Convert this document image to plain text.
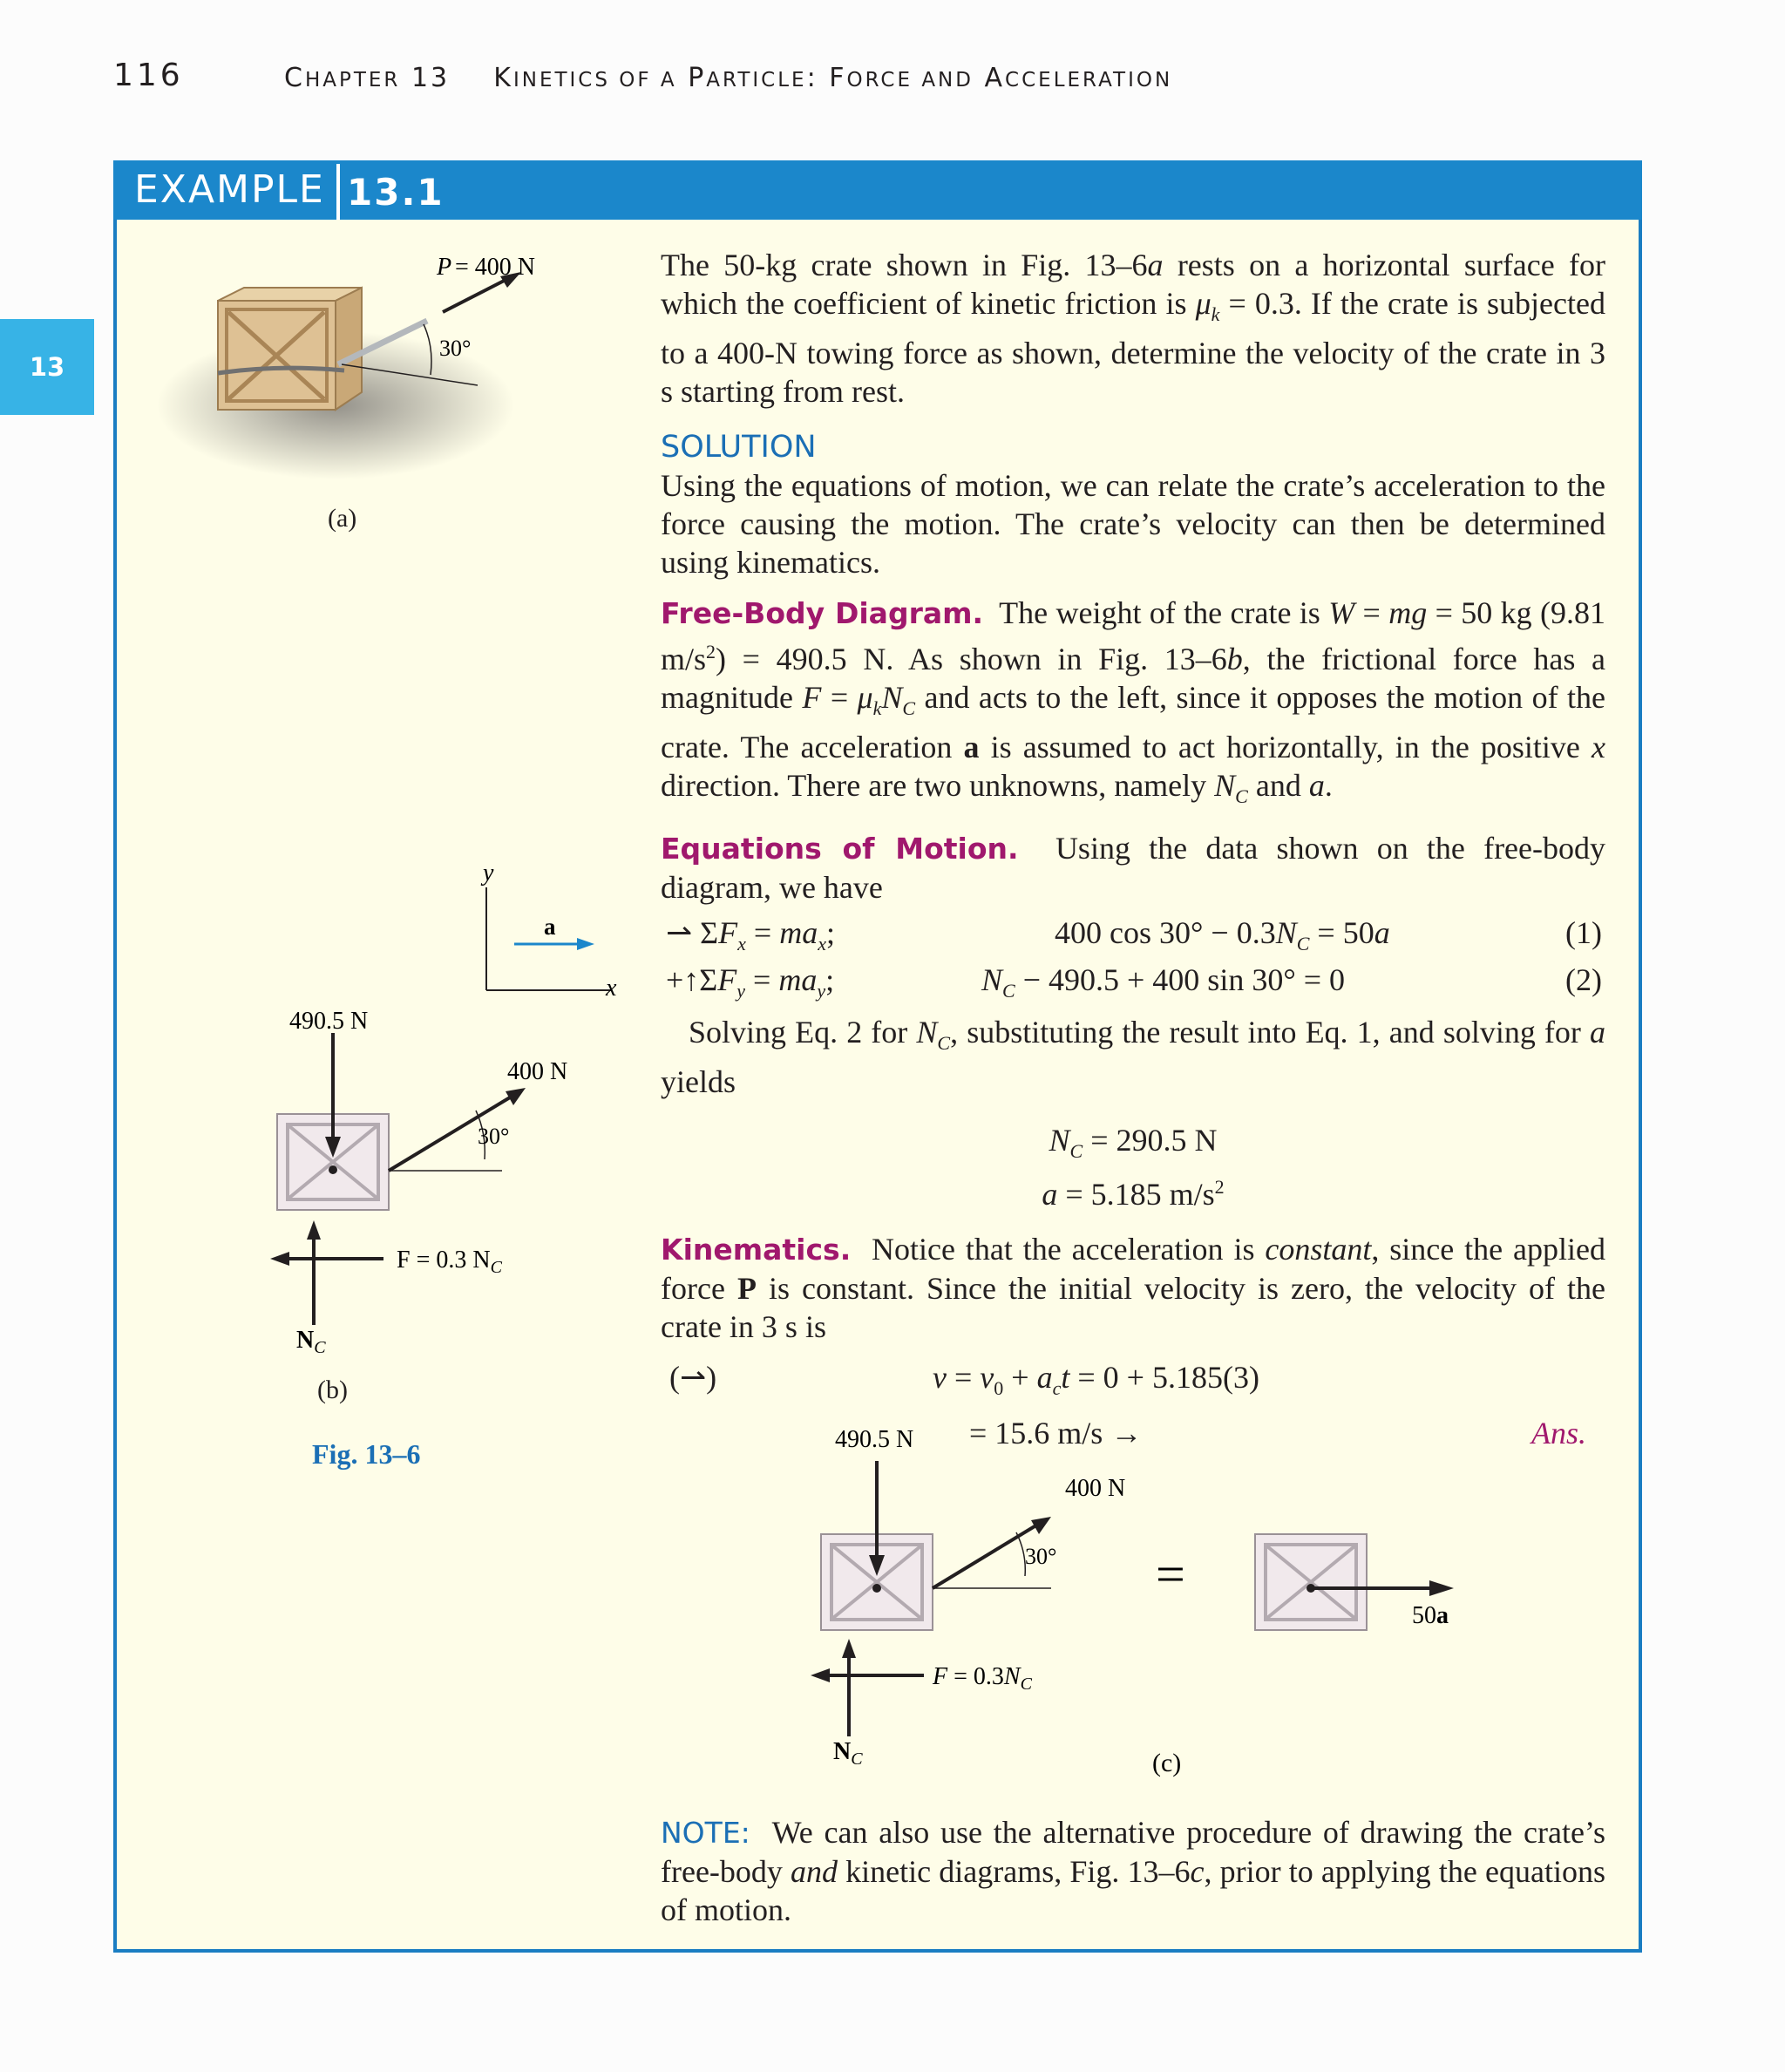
116	CHAPTER 13    KINETICS OF A PARTICLE: FORCE AND ACCELERATION
13
EXAMPLE 13.1
P = 400 N
30°
(a)
y
x
a
30°
490.5 N
400 N
F = 0.3 $N_C$
$N_C$
(b)
Fig. 13–6

The 50-kg crate shown in Fig. 13–6a rests on a horizontal surface for which the coefficient of kinetic friction is $\mu_k = 0.3$. If the crate is subjected to a 400-N towing force as shown, determine the velocity of the crate in 3 s starting from rest.

SOLUTION

Using the equations of motion, we can relate the crate’s acceleration to the force causing the motion. The crate’s velocity can then be determined using kinematics.

Free-Body Diagram.  The weight of the crate is W = mg = 50 kg (9.81 $m/s^2) = 490.5$ N. As shown in Fig. 13–6b, the frictional force has a magnitude $F = \mu_kN_C$ and acts to the left, since it opposes the motion of the crate. The acceleration a is assumed to act horizontally, in the positive x direction. There are two unknowns, namely $N_C$ and a.

Equations of Motion. Using the data shown on the free-body diagram, we have

⇀ $\Sigma F_x = ma_x$;	400 $\cos 30^\circ - 0.3N_C = 50a$	(1)
$+↑\Sigma F_y = ma_y$;	$N_C - 490.5 + 400$ sin 30° = 0	(2)

Solving Eq. 2 for $N_C$, substituting the result into Eq. 1, and solving for a yields

$N_C = 290.5$ N
a = 5.185 $m/s^2$

Kinematics.  Notice that the acceleration is constant, since the applied force P is constant. Since the initial velocity is zero, the velocity of the crate in 3 s is

(⇀)	$v = v_0 + a_ct = 0 + 5.185(3)$
= 15.6 m/s →	Ans.
30°
490.5 N
400 N
$F = 0.3N_C$
$N_C$
=
50a
(c)
NOTE:  We can also use the alternative procedure of drawing the crate’s free-body and kinetic diagrams, Fig. 13–6c, prior to applying the equations of motion.
